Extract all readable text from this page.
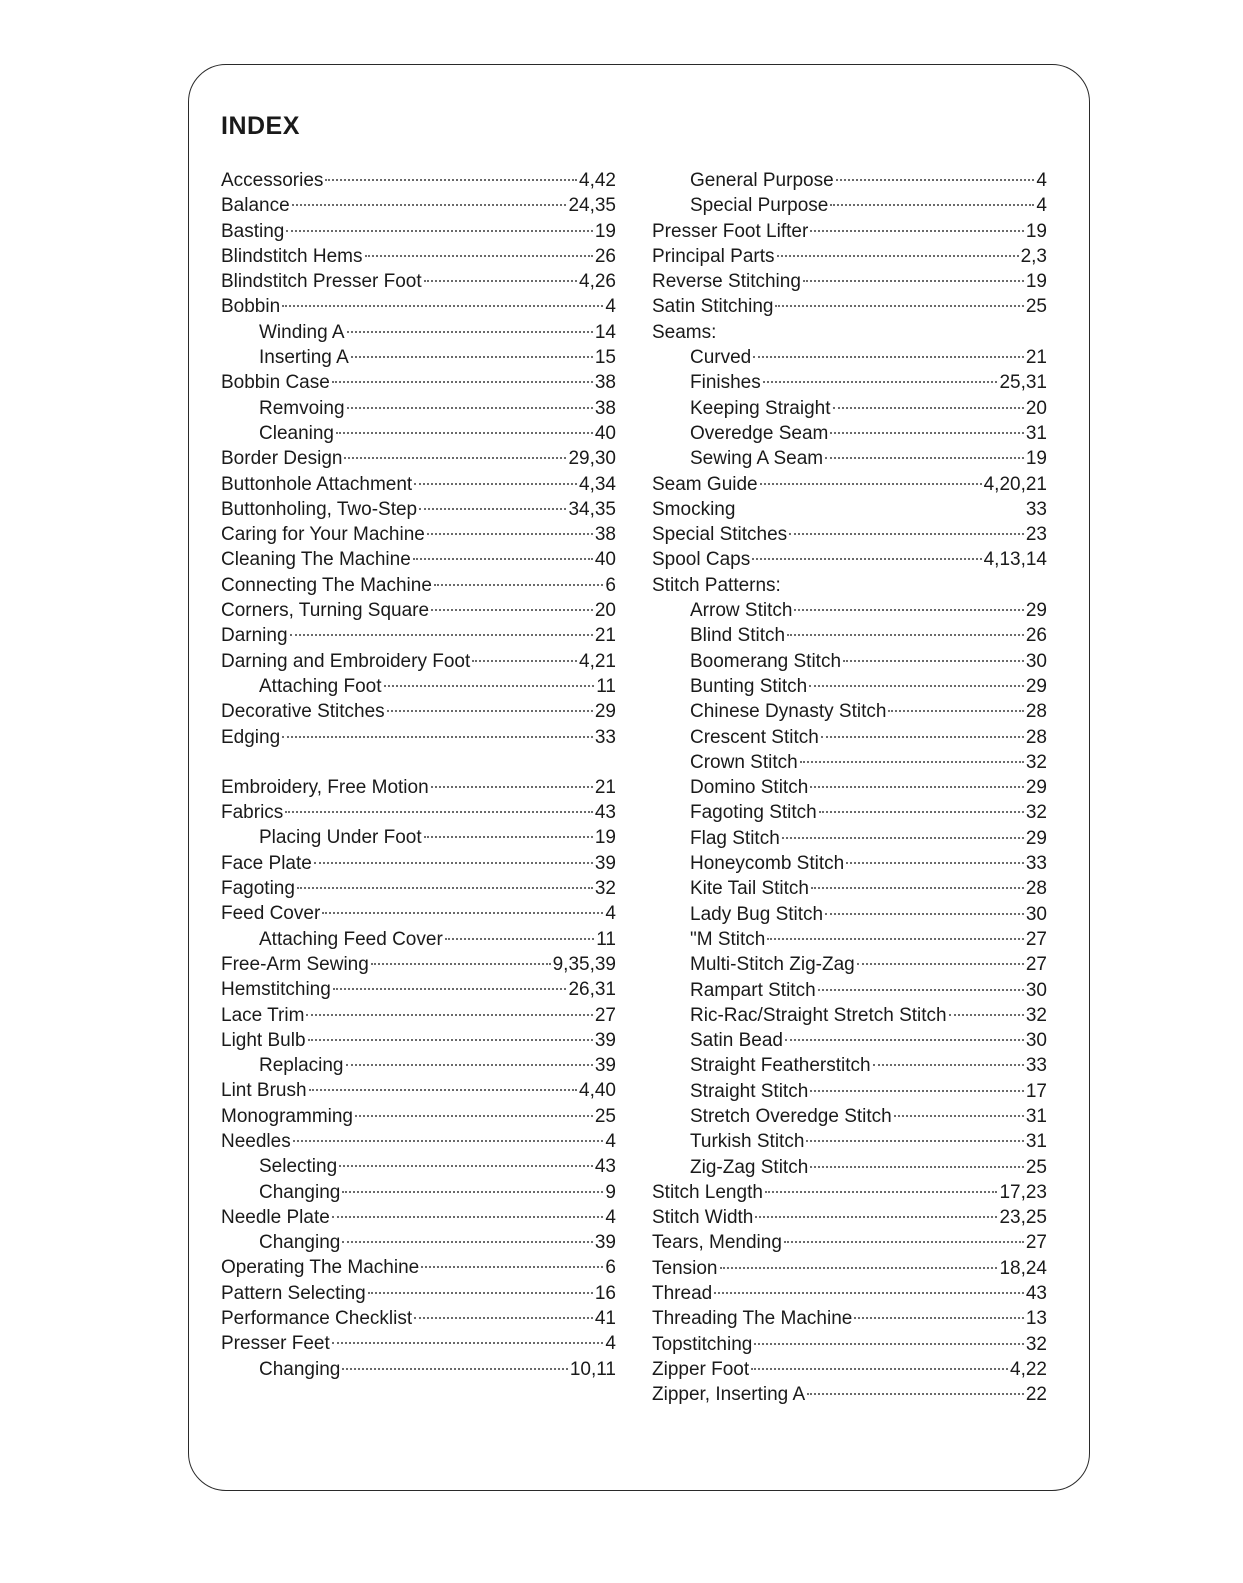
INDEX
Accessories	4,42
Balance	24,35
Basting	19
Blindstitch Hems	26
Blindstitch Presser Foot	4,26
Bobbin	4
Winding A	14
Inserting A	15
Bobbin Case	38
Remvoing	38
Cleaning	40
Border Design	29,30
Buttonhole Attachment	4,34
Buttonholing, Two-Step	34,35
Caring for Your Machine	38
Cleaning The Machine	40
Connecting The Machine	6
Corners, Turning Square	20
Darning	21
Darning and Embroidery Foot	4,21
Attaching Foot	11
Decorative Stitches	29
Edging	33
Embroidery, Free Motion	21
Fabrics	43
Placing Under Foot	19
Face Plate	39
Fagoting	32
Feed Cover	4
Attaching Feed Cover	11
Free-Arm Sewing	9,35,39
Hemstitching	26,31
Lace Trim	27
Light Bulb	39
Replacing	39
Lint Brush	4,40
Monogramming	25
Needles	4
Selecting	43
Changing	9
Needle Plate	4
Changing	39
Operating The Machine	6
Pattern Selecting	16
Performance Checklist	41
Presser Feet	4
Changing	10,11
General Purpose	4
Special Purpose	4
Presser Foot Lifter	19
Principal Parts	2,3
Reverse Stitching	19
Satin Stitching	25
Seams:
Curved	21
Finishes	25,31
Keeping Straight	20
Overedge Seam	31
Sewing A Seam	19
Seam Guide	4,20,21
Smocking	33
Special Stitches	23
Spool Caps	4,13,14
Stitch Patterns:
Arrow Stitch	29
Blind Stitch	26
Boomerang Stitch	30
Bunting Stitch	29
Chinese Dynasty Stitch	28
Crescent Stitch	28
Crown Stitch	32
Domino Stitch	29
Fagoting Stitch	32
Flag Stitch	29
Honeycomb Stitch	33
Kite Tail Stitch	28
Lady Bug Stitch	30
"M Stitch	27
Multi-Stitch Zig-Zag	27
Rampart Stitch	30
Ric-Rac/Straight Stretch Stitch	32
Satin Bead	30
Straight Featherstitch	33
Straight Stitch	17
Stretch Overedge Stitch	31
Turkish Stitch	31
Zig-Zag Stitch	25
Stitch Length	17,23
Stitch Width	23,25
Tears, Mending	27
Tension	18,24
Thread	43
Threading The Machine	13
Topstitching	32
Zipper Foot	4,22
Zipper, Inserting A	22
